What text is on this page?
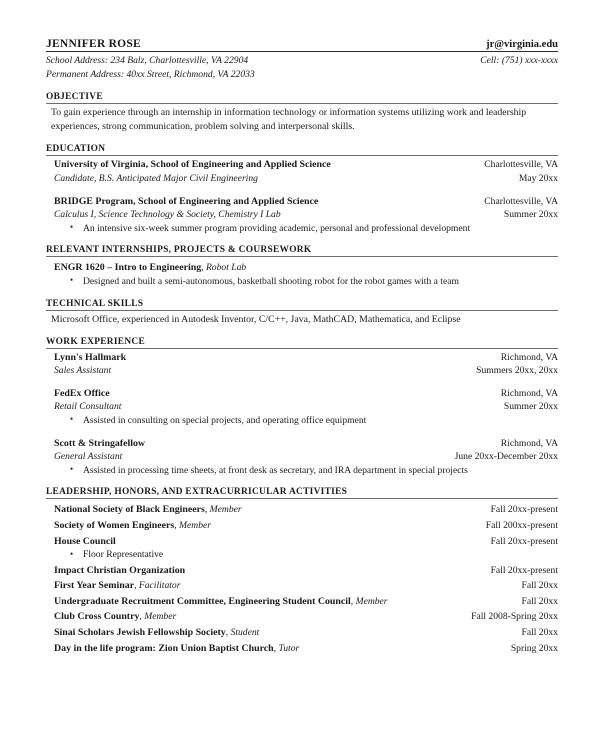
JENNIFER ROSE	jr@virginia.edu
School Address: 234 Balz, Charlottesville, VA 22904	Cell: (751) xxx-xxxx
Permanent Address: 40xx Street, Richmond, VA 22033
OBJECTIVE
To gain experience through an internship in information technology or information systems utilizing work and leadership experiences, strong communication, problem solving and interpersonal skills.
EDUCATION
University of Virginia, School of Engineering and Applied Science	Charlottesville, VA
Candidate, B.S. Anticipated Major Civil Engineering	May 20xx
BRIDGE Program, School of Engineering and Applied Science	Charlottesville, VA
Calculus I, Science Technology & Society, Chemistry I Lab	Summer 20xx
• An intensive six-week summer program providing academic, personal and professional development
RELEVANT INTERNSHIPS, PROJECTS & COURSEWORK
ENGR 1620 – Intro to Engineering, Robot Lab
• Designed and built a semi-autonomous, basketball shooting robot for the robot games with a team
TECHNICAL SKILLS
Microsoft Office, experienced in Autodesk Inventor, C/C++, Java, MathCAD, Mathematica, and Eclipse
WORK EXPERIENCE
Lynn's Hallmark	Richmond, VA
Sales Assistant	Summers 20xx, 20xx
FedEx Office	Richmond, VA
Retail Consultant	Summer 20xx
• Assisted in consulting on special projects, and operating office equipment
Scott & Stringafellow	Richmond, VA
General Assistant	June 20xx-December 20xx
• Assisted in processing time sheets, at front desk as secretary, and IRA department in special projects
LEADERSHIP, HONORS, AND EXTRACURRICULAR ACTIVITIES
National Society of Black Engineers, Member	Fall 20xx-present
Society of Women Engineers, Member	Fall 200xx-present
House Council	Fall 20xx-present
• Floor Representative
Impact Christian Organization	Fall 20xx-present
First Year Seminar, Facilitator	Fall 20xx
Undergraduate Recruitment Committee, Engineering Student Council, Member	Fall 20xx
Club Cross Country, Member	Fall 2008-Spring 20xx
Sinai Scholars Jewish Fellowship Society, Student	Fall 20xx
Day in the life program: Zion Union Baptist Church, Tutor	Spring 20xx
